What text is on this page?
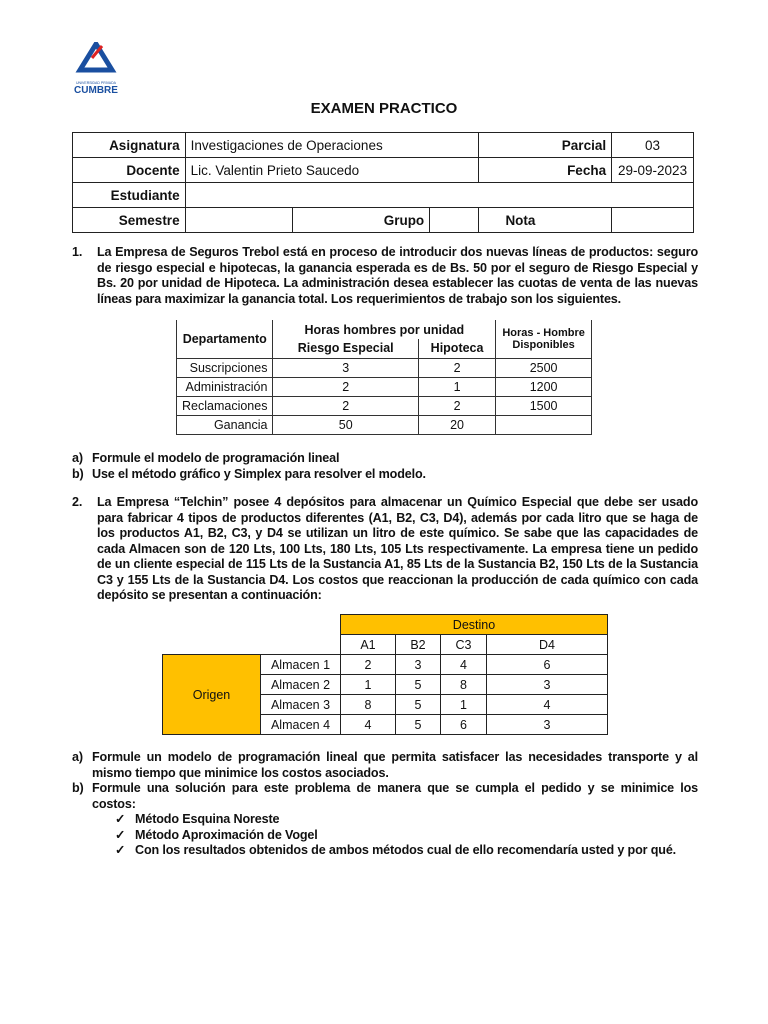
UNIVERSIDAD PRIVADA
CUMBRE
EXAMEN PRACTICO
Asignatura	Investigaciones de Operaciones			Parcial	03
Docente	Lic. Valentin Prieto Saucedo			Fecha	29-09-2023
Estudiante					
Semestre		Grupo		Nota	
1. La Empresa de Seguros Trebol está en proceso de introducir dos nuevas líneas de productos: seguro de riesgo especial e hipotecas, la ganancia esperada es de Bs. 50 por el seguro de Riesgo Especial y Bs. 20 por unidad de Hipoteca. La administración desea establecer las cuotas de venta de las nuevas líneas para maximizar la ganancia total. Los requerimientos de trabajo son los siguientes.
Departamento	Horas hombres por unidad		Horas - Hombre Disponibles
	Riesgo Especial	Hipoteca	
Suscripciones	3	2	2500
Administración	2	1	1200
Reclamaciones	2	2	1500
Ganancia	50	20	
a) Formule el modelo de programación lineal
b) Use el método gráfico y Simplex para resolver el modelo.
2. La Empresa “Telchin” posee 4 depósitos para almacenar un Químico Especial que debe ser usado para fabricar 4 tipos de productos diferentes (A1, B2, C3, D4), además por cada litro que se haga de los productos A1, B2, C3, y D4 se utilizan un litro de este químico. Se sabe que las capacidades de cada Almacen son de 120 Lts, 100 Lts, 180 Lts, 105 Lts respectivamente. La empresa tiene un pedido de un cliente especial de 115 Lts de la Sustancia A1, 85 Lts de la Sustancia B2, 150 Lts de la Sustancia C3 y 155 Lts de la Sustancia D4. Los costos que reaccionan la producción de cada químico con cada depósito se presentan a continuación:
		Destino			
		A1	B2	C3	D4
Origen	Almacen 1	2	3	4	6
	Almacen 2	1	5	8	3
	Almacen 3	8	5	1	4
	Almacen 4	4	5	6	3
a) Formule un modelo de programación lineal que permita satisfacer las necesidades transporte y al mismo tiempo que minimice los costos asociados.
b) Formule una solución para este problema de manera que se cumpla el pedido y se minimice los costos:
✓ Método Esquina Noreste
✓ Método Aproximación de Vogel
✓ Con los resultados obtenidos de ambos métodos cual de ello recomendaría usted y por qué.
